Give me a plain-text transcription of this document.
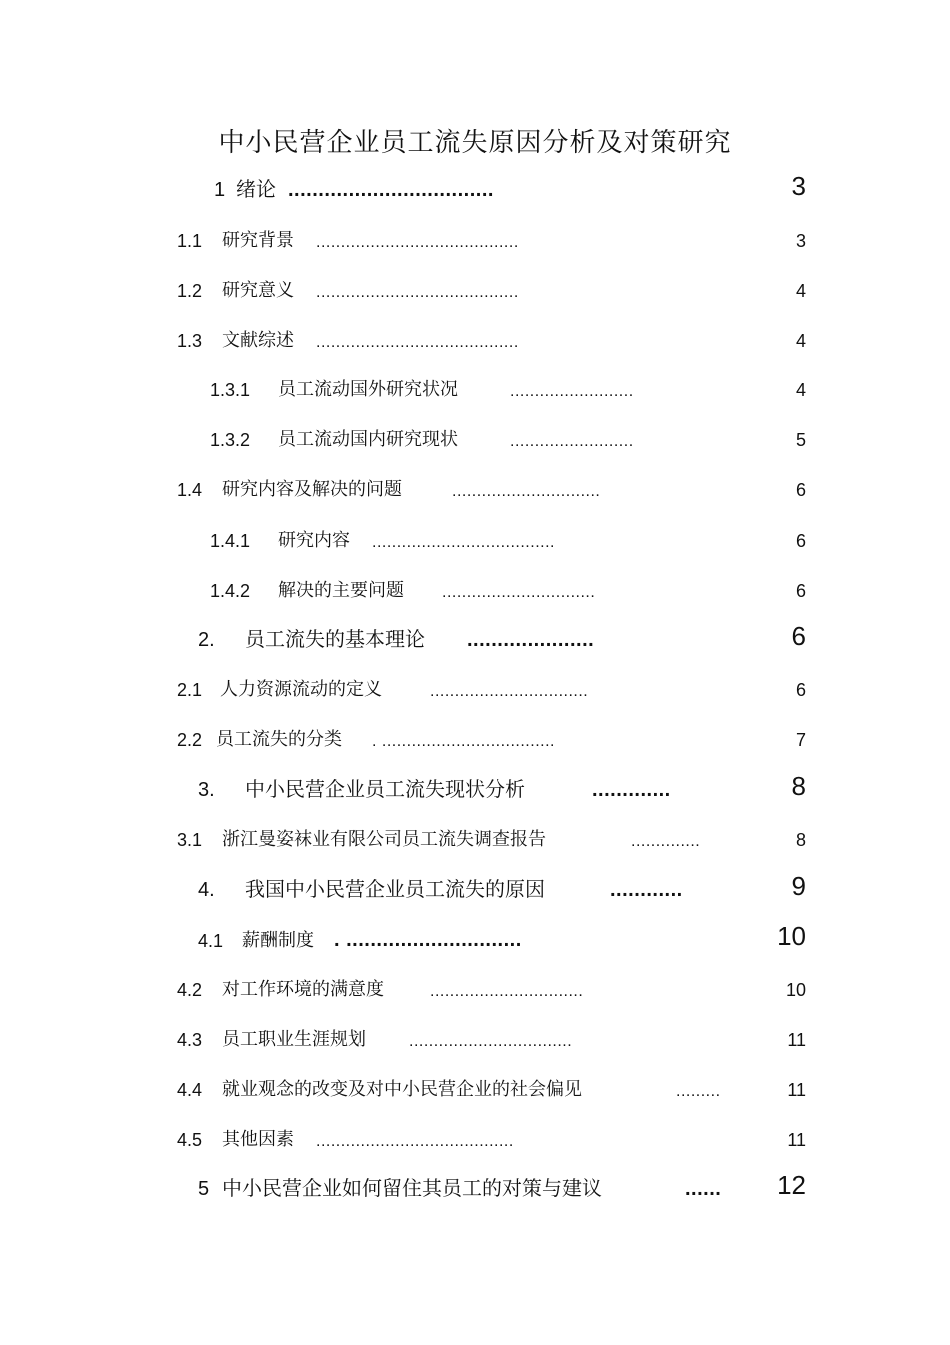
中小民营企业员工流失原因分析及对策研究
1 绪论 ..................................	3
1.1 研究背景 .........................................	3
1.2 研究意义 .........................................	4
1.3 文献综述 .........................................	4
1.3.1 员工流动国外研究状况	.........................	4
1.3.2 员工流动国内研究现状	.........................	5
1.4 研究内容及解决的问题	..............................	6
1.4.1 研究内容 .....................................	6
1.4.2 解决的主要问题 ...............................	6
2. 员工流失的基本理论 .....................	6
2.1 人力资源流动的定义	................................	6
2.2 员工流失的分类 . ...................................	7
3. 中小民营企业员工流失现状分析	.............	8
3.1 浙江曼姿袜业有限公司员工流失调查报告	..............	8
4. 我国中小民营企业员工流失的原因	............	9
4.1 薪酬制度 . .............................	10
4.2 对工作环境的满意度	...............................	10
4.3 员工职业生涯规划	.................................	11
4.4 就业观念的改变及对中小民营企业的社会偏见	.........	11
4.5 其他因素 ........................................	11
5 中小民营企业如何留住其员工的对策与建议	...... 12
